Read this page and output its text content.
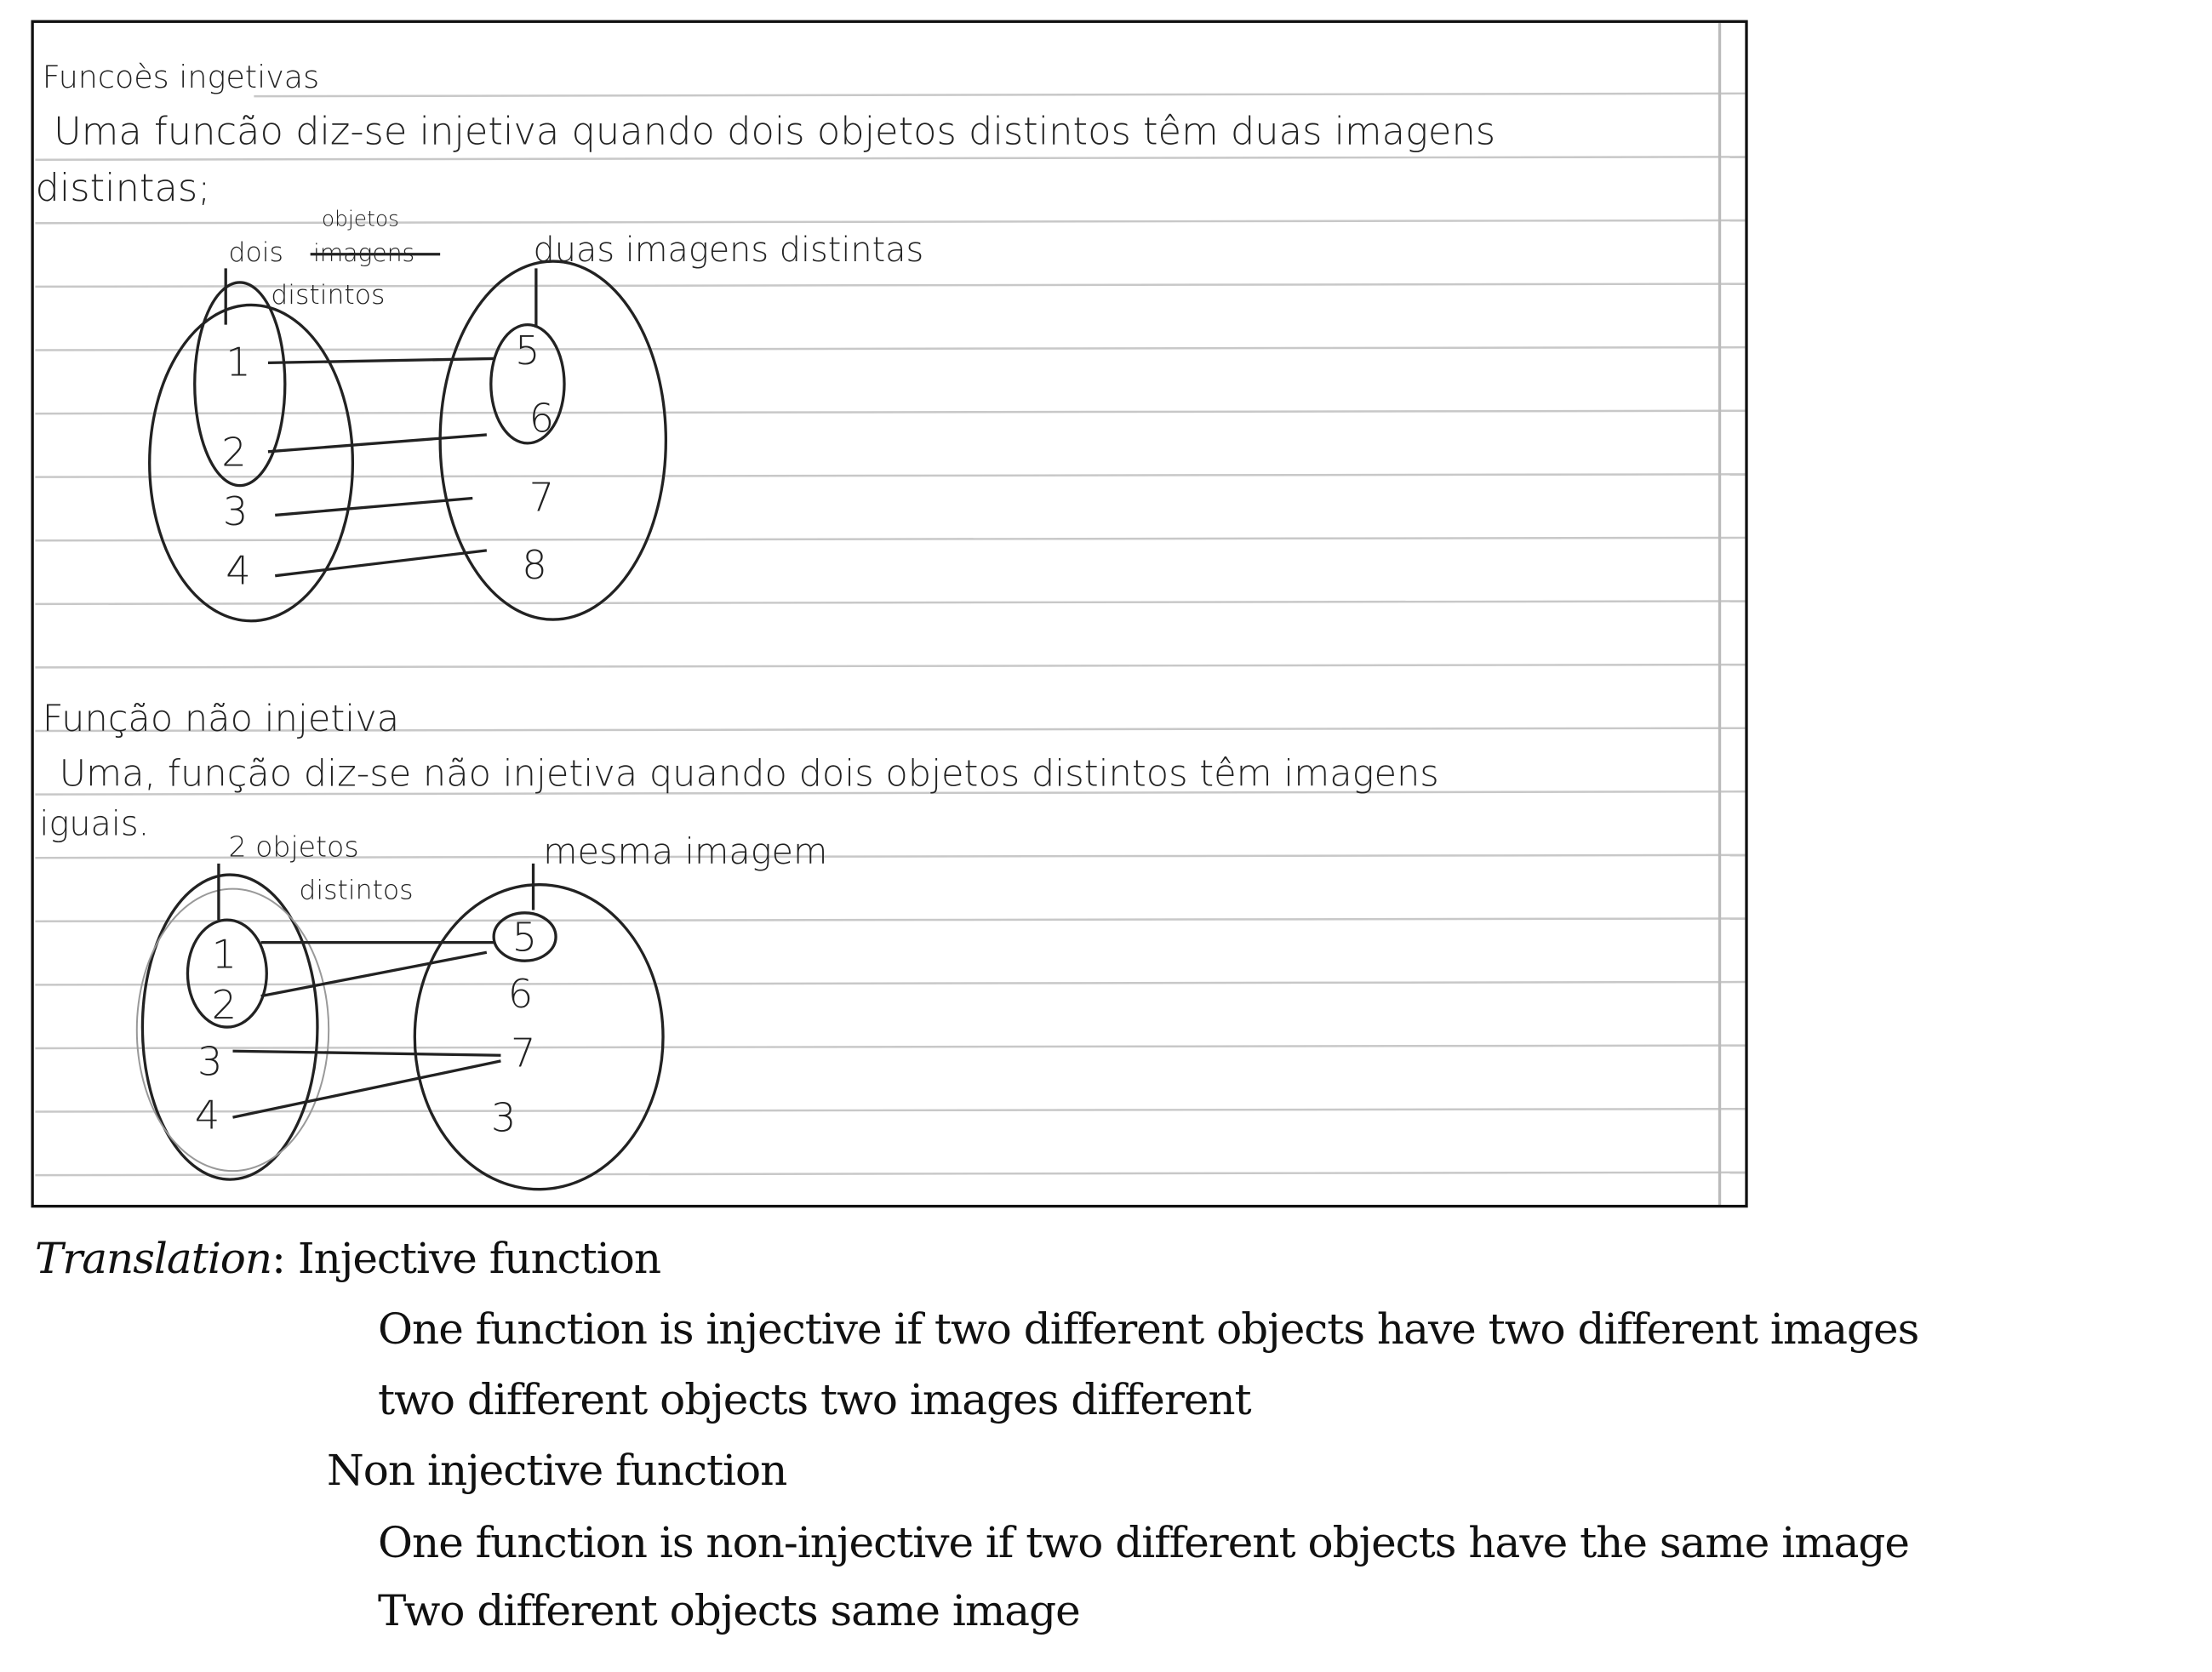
Funcoès ingetivas
Uma funcão diz-se injetiva quando dois objetos distintos têm duas imagens
distintas;
objetos
dois imagens
distintos
duas imagens distintas
1
2
3
4
5
6
7
8
Função não injetiva
Uma, função diz-se não injetiva quando dois objetos distintos têm imagens
iguais.
2 objetos
distintos
mesma imagem
1
2
3
4
5
6
7
3
Translation: Injective function
One function is injective if two different objects have two different images
two different objects two images different
Non injective function
One function is non-injective if two different objects have the same image
Two different objects same image
